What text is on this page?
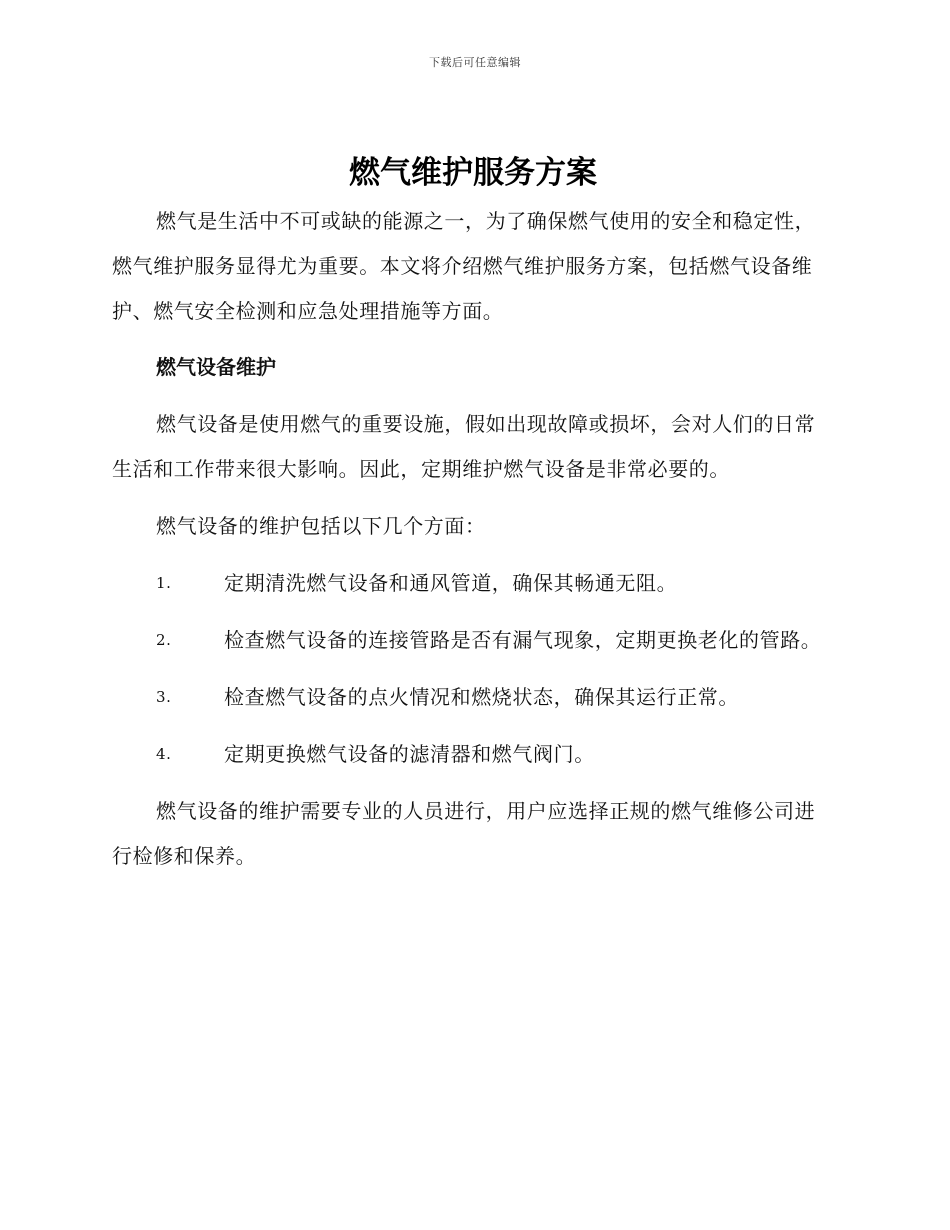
下载后可任意编辑
燃气维护服务方案

燃气是生活中不可或缺的能源之一，为了确保燃气使用的安全和稳定性，燃气维护服务显得尤为重要。本文将介绍燃气维护服务方案，包括燃气设备维护、燃气安全检测和应急处理措施等方面。

燃气设备维护

燃气设备是使用燃气的重要设施，假如出现故障或损坏，会对人们的日常生活和工作带来很大影响。因此，定期维护燃气设备是非常必要的。

燃气设备的维护包括以下几个方面：

1.	定期清洗燃气设备和通风管道，确保其畅通无阻。

2.	检查燃气设备的连接管路是否有漏气现象，定期更换老化的管路。

3.	检查燃气设备的点火情况和燃烧状态，确保其运行正常。

4.	定期更换燃气设备的滤清器和燃气阀门。

燃气设备的维护需要专业的人员进行，用户应选择正规的燃气维修公司进行检修和保养。
